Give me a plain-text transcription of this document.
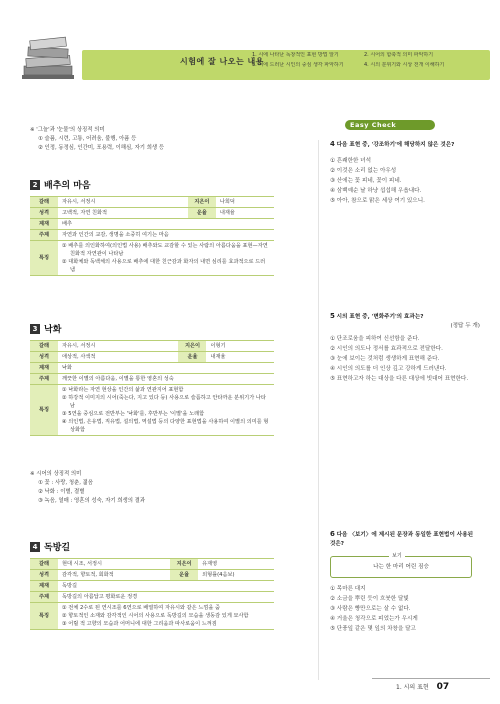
시험에 잘 나오는 내용
1. 시에 나타난 독창적인 표현 방법 알기	2. 시어의 함축적 의미 파악하기
3. 시에 드러난 시인의 중심 생각 파악하기	4. 시의 분위기와 시상 전개 이해하기
※ '그늘'과 '눈물'의 상징적 의미
① 슬픔, 시련, 고통, 어려움, 불행, 아픔 등
② 인정, 동정심, 인간미, 포용력, 이해심, 자기 희생 등
2 배추의 마음
갈래	자유시, 서정시	지은이	나희덕
성격	고백적, 자연 친화적	운율	내재율
제재	배추		
주제	자연과 인간의 교감, 생명을 소중히 여기는 마음		
특징	① 배추를 의인화하여(의인법 사용) 배추와도 교감할 수 있는 사람의 아름다움을 표현—자연 친화적 자연관이 나타남
② 대화체와 독백체의 사용으로 배추에 대한 친근감과 화자의 내면 심리를 효과적으로 드러냄		
3 낙화
갈래	자유시, 서정시	지은이	이형기
성격	애상적, 사색적	운율	내재율
제재	낙화		
주제	깨끗한 이별의 아름다움, 이별을 통한 영혼의 성숙		
특징	① 낙화라는 자연 현상을 인간의 삶과 연관지어 표현함
② 하강적 이미지의 시어(죽는다, 지고 있다 등) 사용으로 슬픔하고 안타까운 분위기가 나타남
③ 5연을 중심으로 전반부는 '낙화'를, 후반부는 '이별'을 노래함
④ 의인법, 은유법, 직유법, 설의법, 역설법 등의 다양한 표현법을 사용하여 이별의 의미를 형상화함		
※ 시어의 상징적 의미
① 꽃 : 사랑, 청춘, 젊음
② 낙화 : 이별, 결별
③ 녹음, 열매 : 영혼의 성숙, 자기 희생의 결과
4 독방길
갈래	현대 시조, 서정시	지은이	유재영
성격	감각적, 향토적, 회화적	운율	외형률(4음보)
제재	독방길		
주제	독방길의 아름답고 평화로운 정경		
특징	① 전체 2수로 된 연시조를 6연으로 배열하여 자유시와 같은 느낌을 줌
② 향토적인 소재와 감각적인 시어의 사용으로 독방길의 모습을 생동감 있게 묘사함
③ 어릴 적 고향의 모습과 어머니에 대한 그리움과 따사로움이 느껴짐		
Easy Check
4 다음 표현 중, '강조하기'에 해당하지 않은 것은?
① 흔쾌한한 녀석
② 이것은 소리 없는 아우성
③ 산에는 꽃 피네, 꽃이 피네.
④ 삼백예순 날 하냥 섭섭해 우옵내다.
⑤ 아아, 참으로 맑은 세상 여기 있으니.
5 시의 표현 중, '변화주기'의 효과는?
(정답 두 개)
① 단조로움을 피하여 신선함을 준다.
② 시인의 의도나 정서를 효과적으로 전달한다.
③ 눈에 보이는 것처럼 생생하게 표현해 준다.
④ 시인의 의도를 더 인상 깊고 강하게 드러낸다.
⑤ 표현하고자 하는 대상을 다른 대상에 빗대어 표현한다.
6 다음 〈보기〉에 제시된 문장과 동일한 표현법이 사용된 것은?
보기
나는 한 마리 어린 짐승
① 목마른 대지
② 소금을 뿌린 듯이 흐붓한 달빛
③ 사람은 빵만으로는 살 수 없다.
④ 거울은 청각으로 피었는가 우시게
⑤ 단풍잎 같은 몇 잎의 차창을 달고
1. 시의 표현 07
